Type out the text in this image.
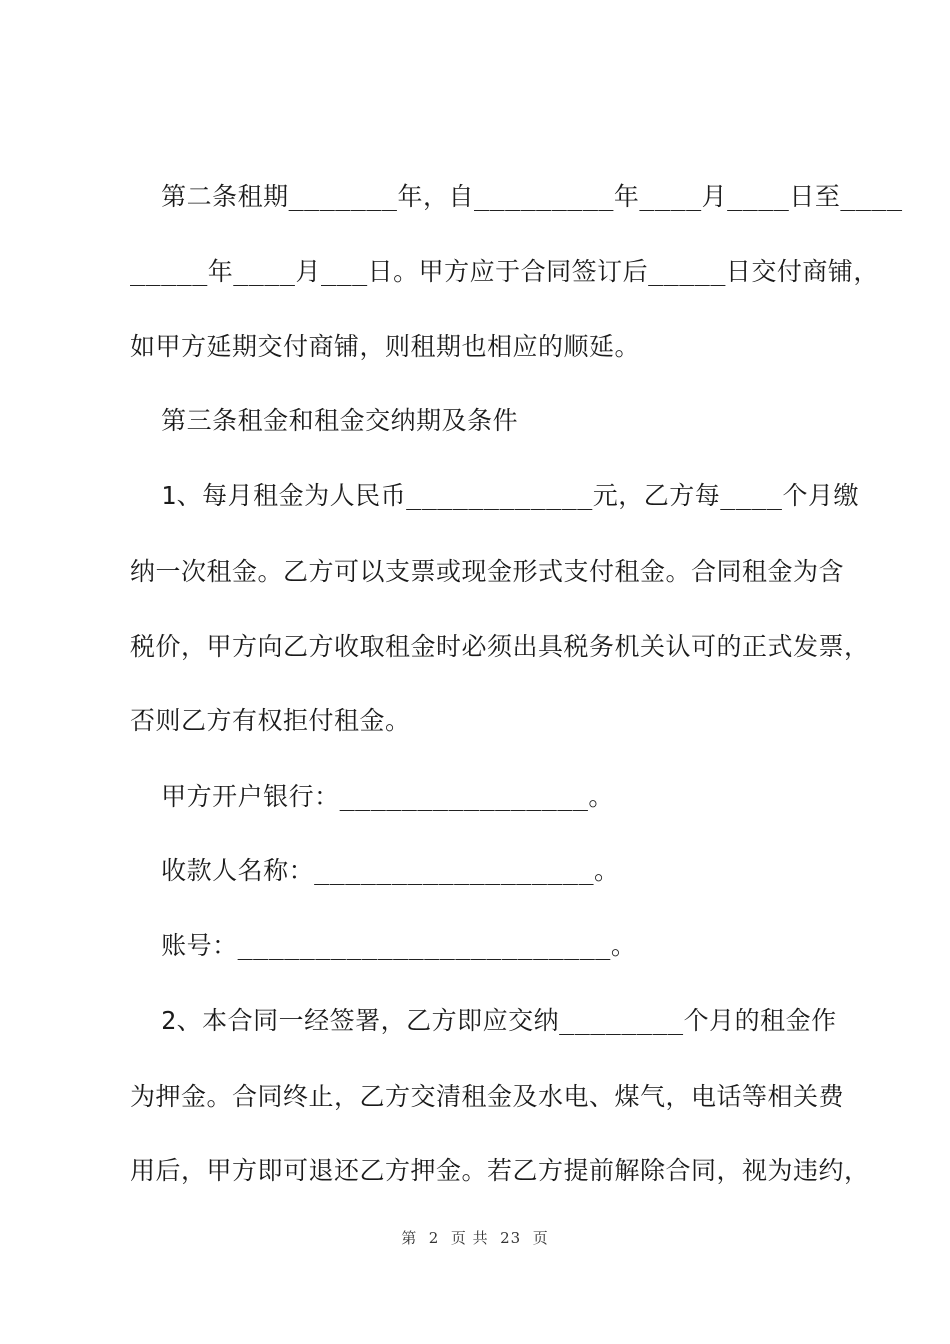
第二条租期_______年，自_________年____月____日至____
_____年____月___日。甲方应于合同签订后_____日交付商铺，
如甲方延期交付商铺，则租期也相应的顺延。
第三条租金和租金交纳期及条件
1、每月租金为人民币____________元，乙方每____个月缴
纳一次租金。乙方可以支票或现金形式支付租金。合同租金为含
税价，甲方向乙方收取租金时必须出具税务机关认可的正式发票，
否则乙方有权拒付租金。
甲方开户银行：________________。
收款人名称：__________________。
账号：________________________。
2、本合同一经签署，乙方即应交纳________个月的租金作
为押金。合同终止，乙方交清租金及水电、煤气，电话等相关费
用后，甲方即可退还乙方押金。若乙方提前解除合同，视为违约，
第  2  页 共  23  页
